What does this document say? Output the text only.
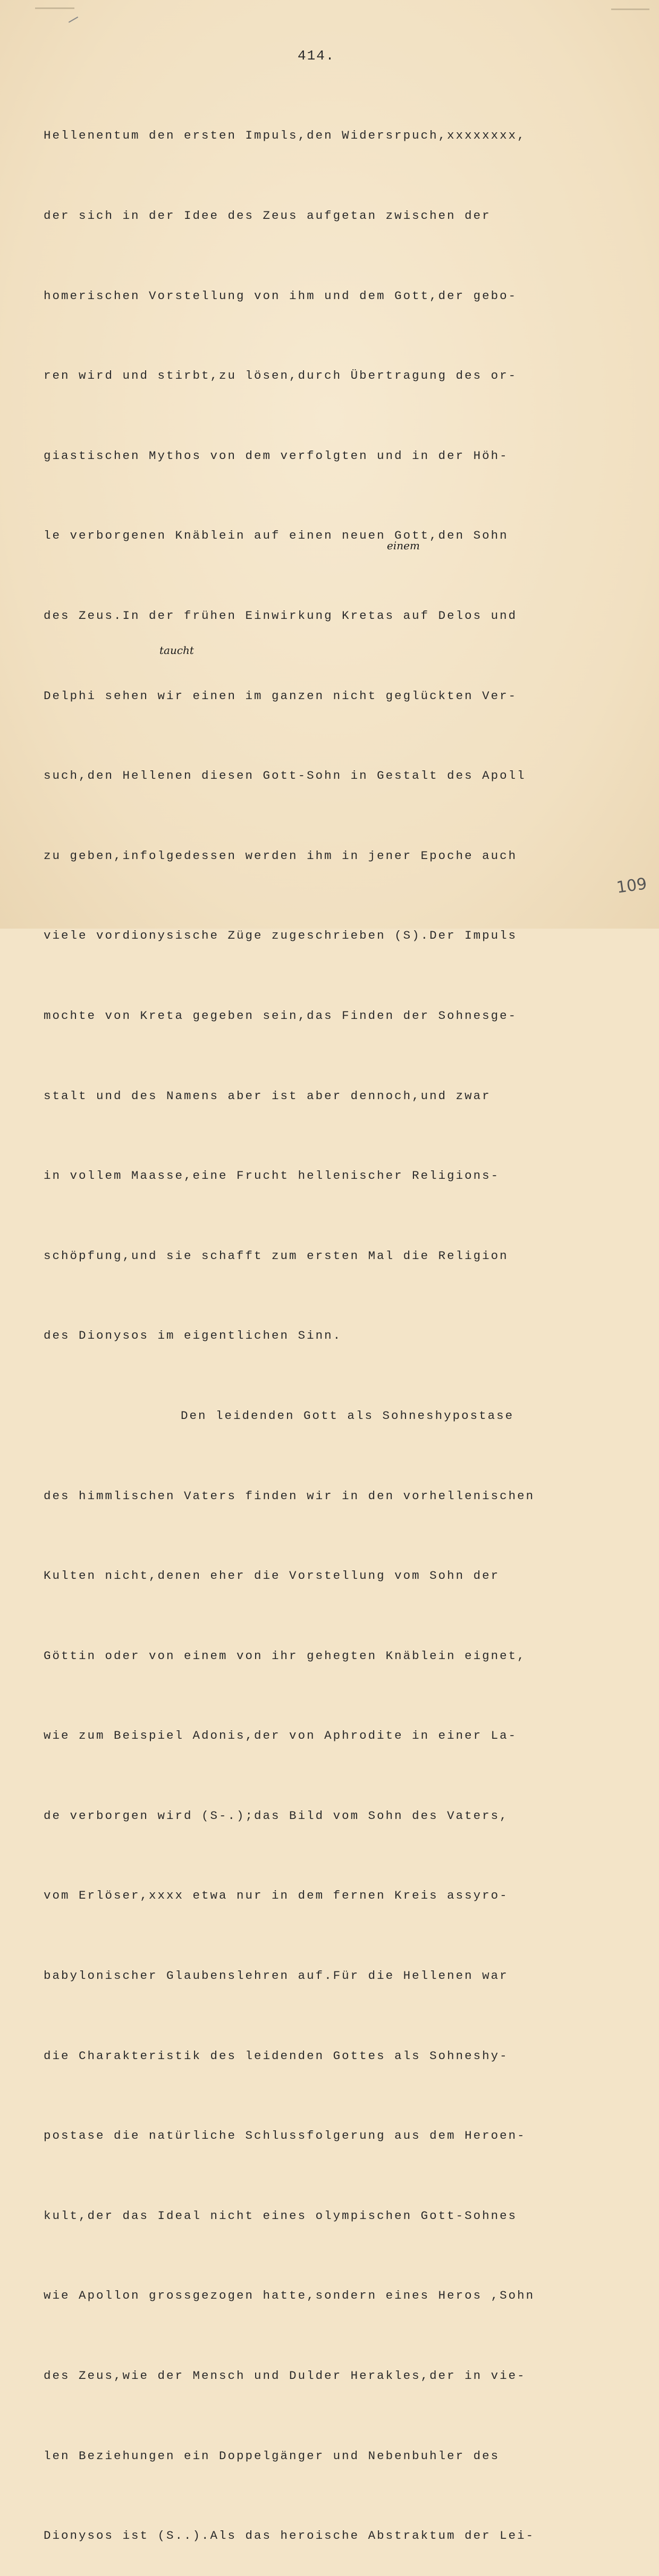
414.

Hellenentum den ersten Impuls,den Widersrpuch,xxxxxxxx,

der sich in der Idee des Zeus aufgetan zwischen der

homerischen Vorstellung von ihm und dem Gott,der gebo-

ren wird und stirbt,zu lösen,durch Übertragung des or-

giastischen Mythos von dem verfolgten und in der Höh-

le verborgenen Knäblein auf einen neuen Gott,den Sohn

des Zeus.In der frühen Einwirkung Kretas auf Delos und

Delphi sehen wir einen im ganzen nicht geglückten Ver-

such,den Hellenen diesen Gott-Sohn in Gestalt des Apoll

zu geben,infolgedessen werden ihm in jener Epoche auch

viele vordionysische Züge zugeschrieben (S).Der Impuls

mochte von Kreta gegeben sein,das Finden der Sohnesge-

stalt und des Namens aber ist aber dennoch,und zwar

in vollem Maasse,eine Frucht hellenischer Religions-

schöpfung,und sie schafft zum ersten Mal die Religion

des Dionysos im eigentlichen Sinn.

Den leidenden Gott als Sohneshypostase

des himmlischen Vaters finden wir in den vorhellenischen

Kulten nicht,denen eher die Vorstellung vom Sohn der

Göttin oder von einem von ihr gehegten Knäblein eignet,

wie zum Beispiel Adonis,der von Aphrodite in einer La-

de verborgen wird (S-.);das Bild vom Sohn des Vaters,

vom Erlöser,xxxx etwa nur in dem fernen Kreis assyro-

babylonischer Glaubenslehren auf.Für die Hellenen war

die Charakteristik des leidenden Gottes als Sohneshy-

postase die natürliche Schlussfolgerung aus dem Heroen-

kult,der das Ideal nicht eines olympischen Gott-Sohnes

wie Apollon grossgezogen hatte,sondern eines Heros ,Sohn

des Zeus,wie der Mensch und Dulder Herakles,der in vie-

len Beziehungen ein Doppelgänger und Nebenbuhler des

Dionysos ist (S..).Als das heroische Abstraktum der Lei-

einem
taucht
109
